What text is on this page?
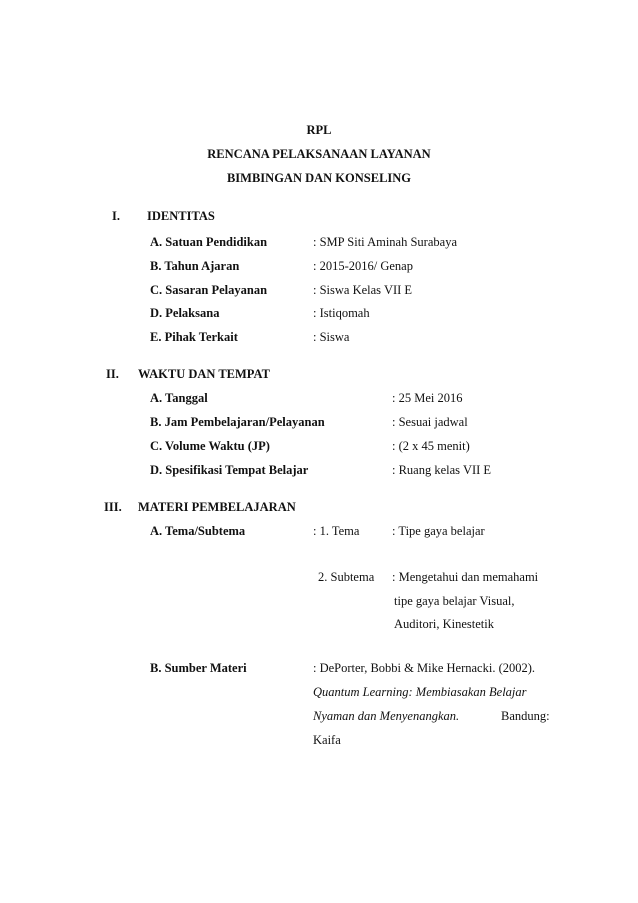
RPL
RENCANA PELAKSANAAN LAYANAN
BIMBINGAN DAN KONSELING
I. IDENTITAS
A. Satuan Pendidikan	: SMP Siti Aminah Surabaya
B. Tahun Ajaran	: 2015-2016/ Genap
C. Sasaran Pelayanan	: Siswa Kelas VII E
D. Pelaksana	: Istiqomah
E. Pihak Terkait	: Siswa
II. WAKTU DAN TEMPAT
A. Tanggal	: 25 Mei 2016
B. Jam Pembelajaran/Pelayanan	: Sesuai jadwal
C. Volume Waktu (JP)	: (2 x 45 menit)
D. Spesifikasi Tempat Belajar	: Ruang kelas VII E
III. MATERI PEMBELAJARAN
A. Tema/Subtema	: 1. Tema	: Tipe gaya belajar
2. Subtema : Mengetahui dan memahami
tipe gaya belajar Visual,
Auditori, Kinestetik
B. Sumber Materi	: DePorter, Bobbi & Mike Hernacki. (2002).
Quantum Learning: Membiasakan Belajar
Nyaman dan Menyenangkan.	Bandung:
Kaifa
